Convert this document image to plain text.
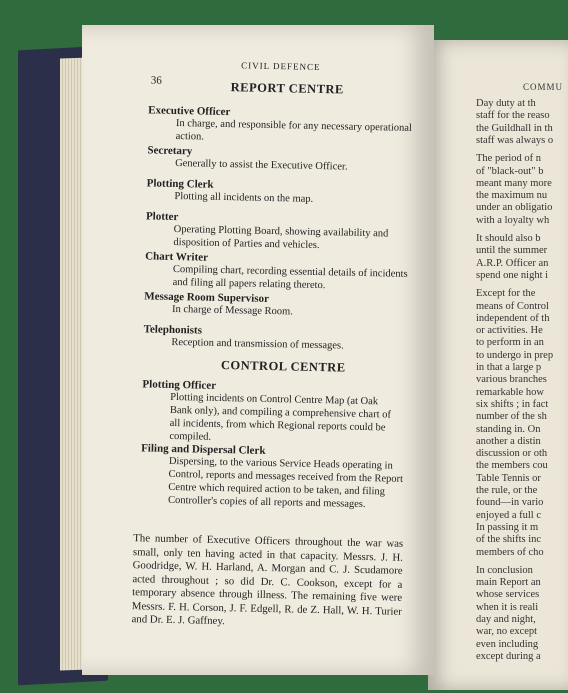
COMMU
Day duty at th
staff for the reaso
the Guildhall in th
staff was always o
The period of n
of "black-out" b
meant many more
the maximum nu
under an obligatio
with a loyalty wh
It should also b
until the summer
A.R.P. Officer an
spend one night i
Except for the
means of Control
independent of th
or activities. He
to perform in an
to undergo in prep
in that a large p
various branches
remarkable how
six shifts ; in fact
number of the sh
standing in. On
another a distin
discussion or oth
the members cou
Table Tennis or
the rule, or the
found—in vario
enjoyed a full c
In passing it m
of the shifts inc
members of cho
In conclusion
main Report an
whose services
when it is reali
day and night,
war, no except
even including
except during a
36
CIVIL DEFENCE
REPORT CENTRE
Executive Officer
In charge, and responsible for any necessary operational
action.
Secretary
Generally to assist the Executive Officer.
Plotting Clerk
Plotting all incidents on the map.
Plotter
Operating Plotting Board, showing availability and
disposition of Parties and vehicles.
Chart Writer
Compiling chart, recording essential details of incidents
and filing all papers relating thereto.
Message Room Supervisor
In charge of Message Room.
Telephonists
Reception and transmission of messages.
CONTROL CENTRE
Plotting Officer
Plotting incidents on Control Centre Map (at Oak
Bank only), and compiling a comprehensive chart of
all incidents, from which Regional reports could be
compiled.
Filing and Dispersal Clerk
Dispersing, to the various Service Heads operating in
Control, reports and messages received from the Report
Centre which required action to be taken, and filing
Controller's copies of all reports and messages.
The number of Executive Officers throughout the war was small, only ten having acted in that capacity. Messrs. J. H. Goodridge, W. H. Harland, A. Morgan and C. J. Scudamore acted throughout ; so did Dr. C. Cookson, except for a temporary absence through illness. The remaining five were Messrs. F. H. Corson, J. F. Edgell, R. de Z. Hall, W. H. Turier and Dr. E. J. Gaffney.
